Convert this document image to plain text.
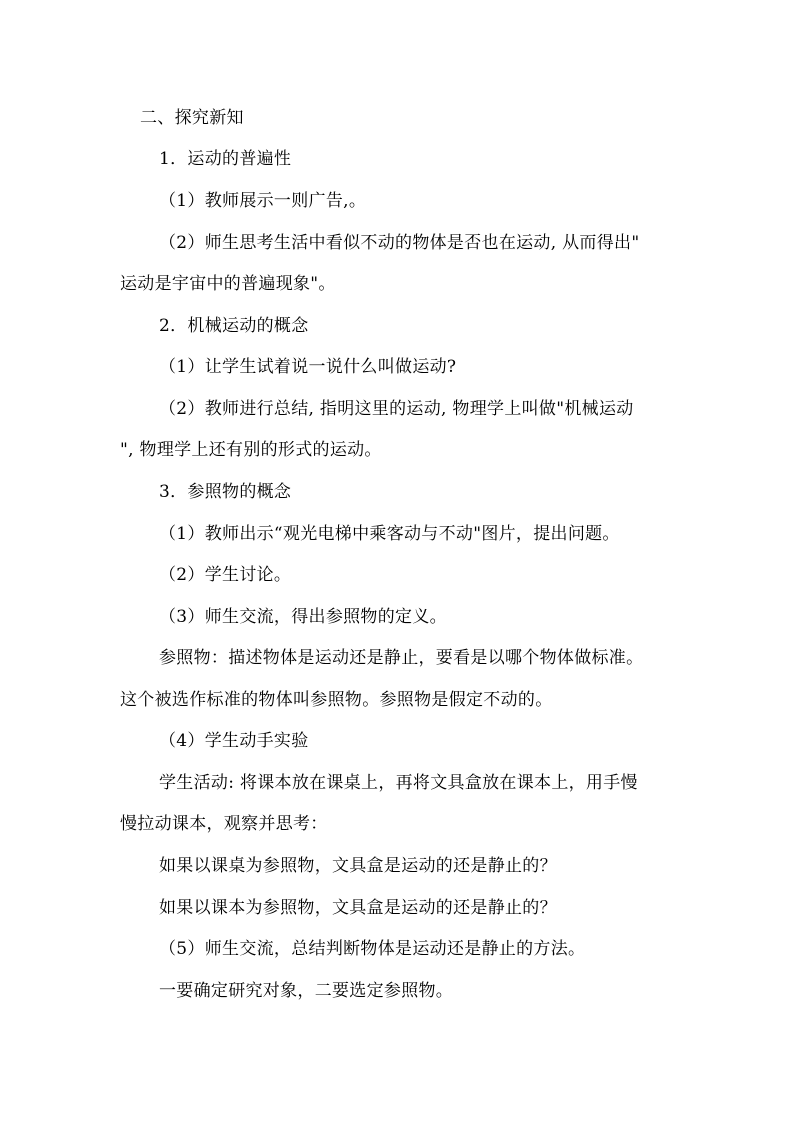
二、探究新知
1．运动的普遍性
（1）教师展示一则广告,。
（2）师生思考生活中看似不动的物体是否也在运动, 从而得出"
运动是宇宙中的普遍现象"。
2．机械运动的概念
（1）让学生试着说一说什么叫做运动?
（2）教师进行总结, 指明这里的运动, 物理学上叫做"机械运动
", 物理学上还有别的形式的运动。
3．参照物的概念
（1）教师出示“观光电梯中乘客动与不动"图片，提出问题。
（2）学生讨论。
（3）师生交流，得出参照物的定义。
参照物：描述物体是运动还是静止，要看是以哪个物体做标准。
这个被选作标准的物体叫参照物。参照物是假定不动的。
（4）学生动手实验
学生活动: 将课本放在课桌上，再将文具盒放在课本上，用手慢
慢拉动课本，观察并思考：
如果以课桌为参照物，文具盒是运动的还是静止的？
如果以课本为参照物，文具盒是运动的还是静止的？
（5）师生交流，总结判断物体是运动还是静止的方法。
一要确定研究对象，二要选定参照物。
